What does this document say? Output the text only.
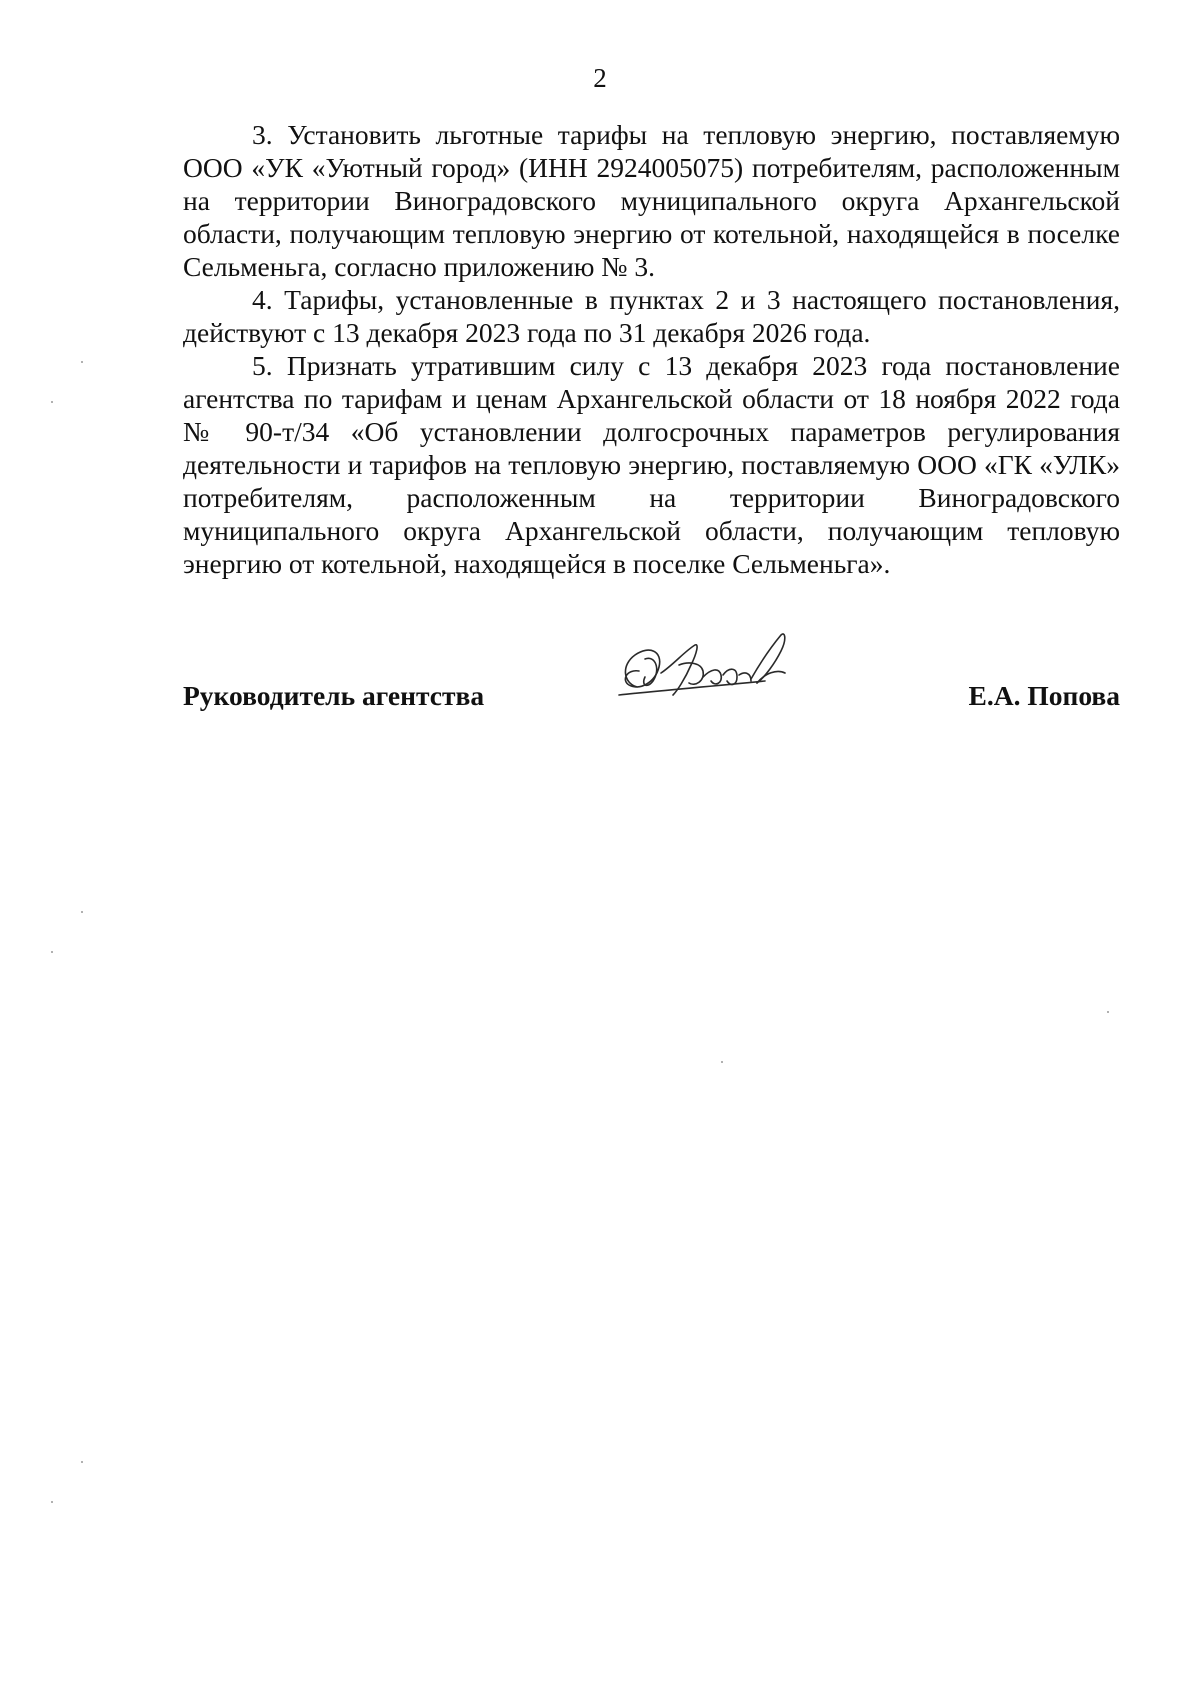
2

3. Установить льготные тарифы на тепловую энергию, поставляемую ООО «УК «Уютный город» (ИНН 2924005075) потребителям, расположенным на территории Виноградовского муниципального округа Архангельской области, получающим тепловую энергию от котельной, находящейся в поселке Сельменьга, согласно приложению № 3.

4. Тарифы, установленные в пунктах 2 и 3 настоящего постановления, действуют с 13 декабря 2023 года по 31 декабря 2026 года.

5. Признать утратившим силу с 13 декабря 2023 года постановление агентства по тарифам и ценам Архангельской области от 18 ноября 2022 года № 90-т/34 «Об установлении долгосрочных параметров регулирования деятельности и тарифов на тепловую энергию, поставляемую ООО «ГК «УЛК» потребителям, расположенным на территории Виноградовского муниципального округа Архангельской области, получающим тепловую энергию от котельной, находящейся в поселке Сельменьга».

Руководитель агентства	Е.А. Попова
